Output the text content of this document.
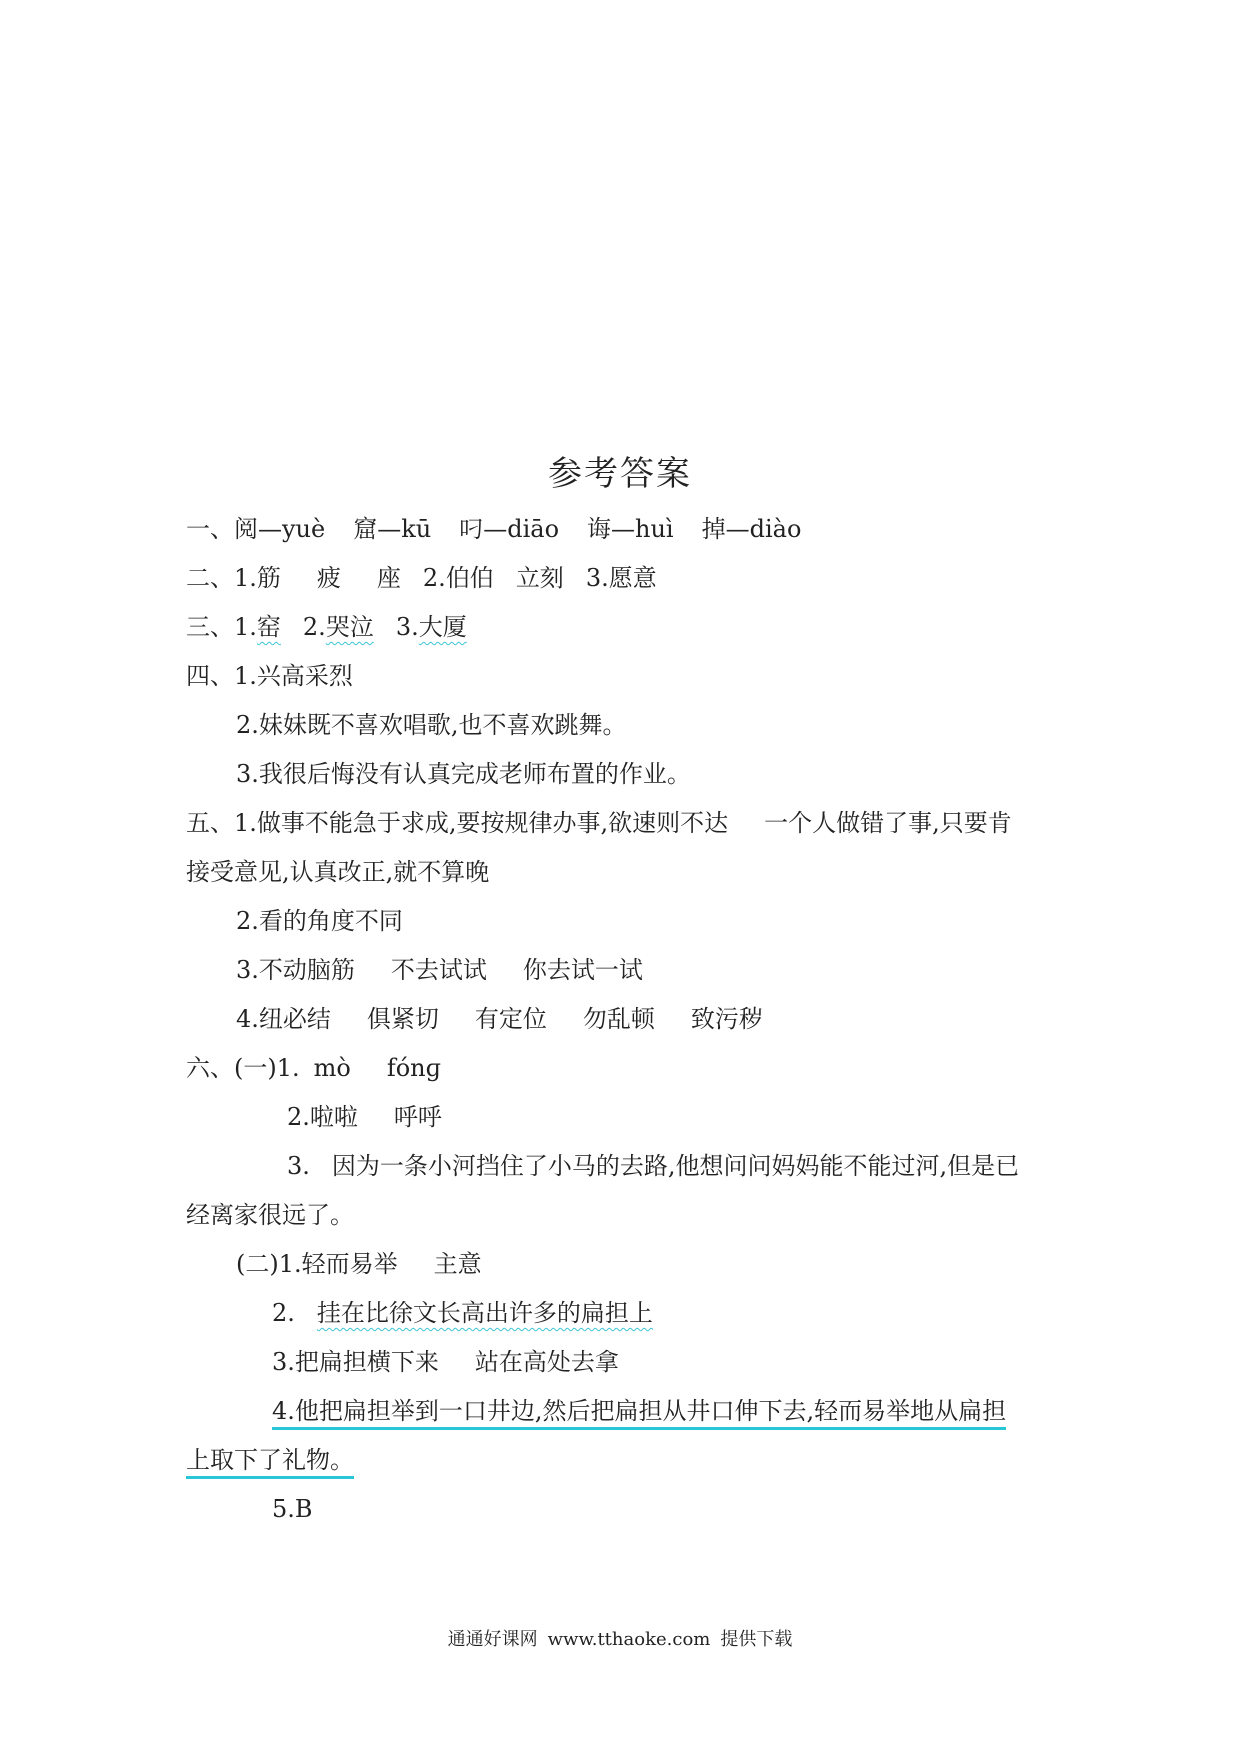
参考答案
一、阅—yuè 窟—kū 叼—diāo 诲—huì 掉—diào
二、1.筋 疲 座 2.伯伯 立刻 3.愿意
三、1.窑 2.哭泣 3.大厦
四、1.兴高采烈
2.妹妹既不喜欢唱歌,也不喜欢跳舞。
3.我很后悔没有认真完成老师布置的作业。
五、1.做事不能急于求成,要按规律办事,欲速则不达 一个人做错了事,只要肯
接受意见,认真改正,就不算晚
2.看的角度不同
3.不动脑筋 不去试试 你去试一试
4.纽必结 俱紧切 有定位 勿乱顿 致污秽
六、(一)1. mò fónɡ
2.啦啦 呼呼
3. 因为一条小河挡住了小马的去路,他想问问妈妈能不能过河,但是已
经离家很远了。
(二)1.轻而易举 主意
2. 挂在比徐文长高出许多的扁担上
3.把扁担横下来 站在高处去拿
4.他把扁担举到一口井边,然后把扁担从井口伸下去,轻而易举地从扁担
上取下了礼物。
5.B
通通好课网 www.tthaoke.com 提供下载
